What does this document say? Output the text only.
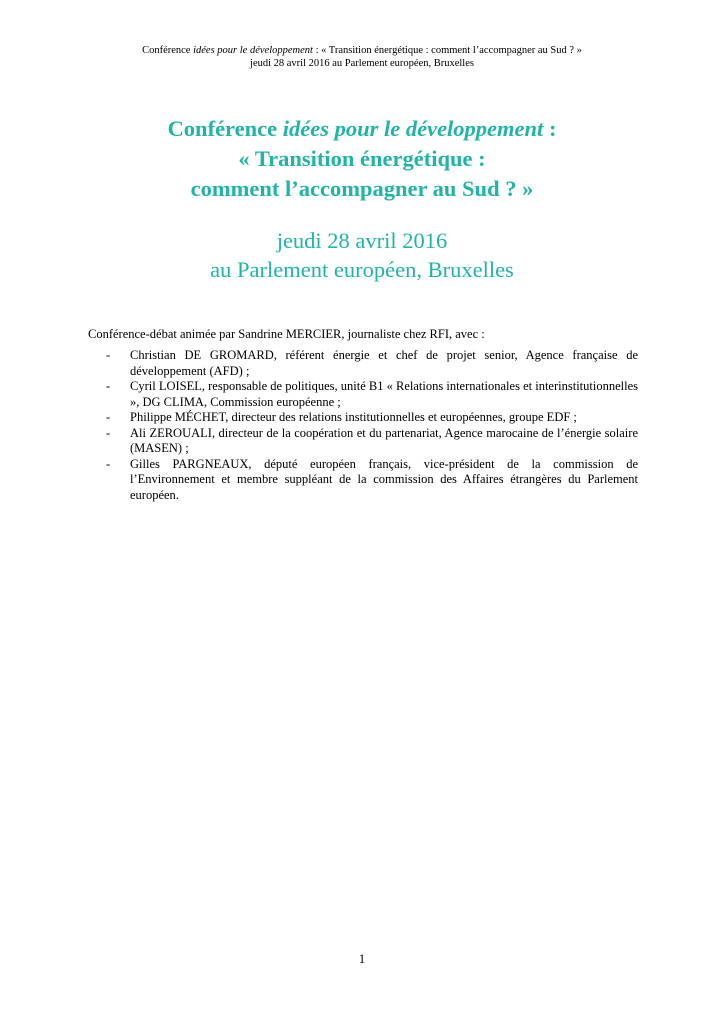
Conférence idées pour le développement : « Transition énergétique : comment l’accompagner au Sud ? »
jeudi 28 avril 2016 au Parlement européen, Bruxelles
Conférence idées pour le développement :
« Transition énergétique :
comment l’accompagner au Sud ? »
jeudi 28 avril 2016
au Parlement européen, Bruxelles
Conférence-débat animée par Sandrine MERCIER, journaliste chez RFI, avec :
- Christian DE GROMARD, référent énergie et chef de projet senior, Agence française de développement (AFD) ;
- Cyril LOISEL, responsable de politiques, unité B1 « Relations internationales et interinstitutionnelles », DG CLIMA, Commission européenne ;
- Philippe MÉCHET, directeur des relations institutionnelles et européennes, groupe EDF ;
- Ali ZEROUALI, directeur de la coopération et du partenariat, Agence marocaine de l’énergie solaire (MASEN) ;
- Gilles PARGNEAUX, député européen français, vice-président de la commission de l’Environnement et membre suppléant de la commission des Affaires étrangères du Parlement européen.
1
